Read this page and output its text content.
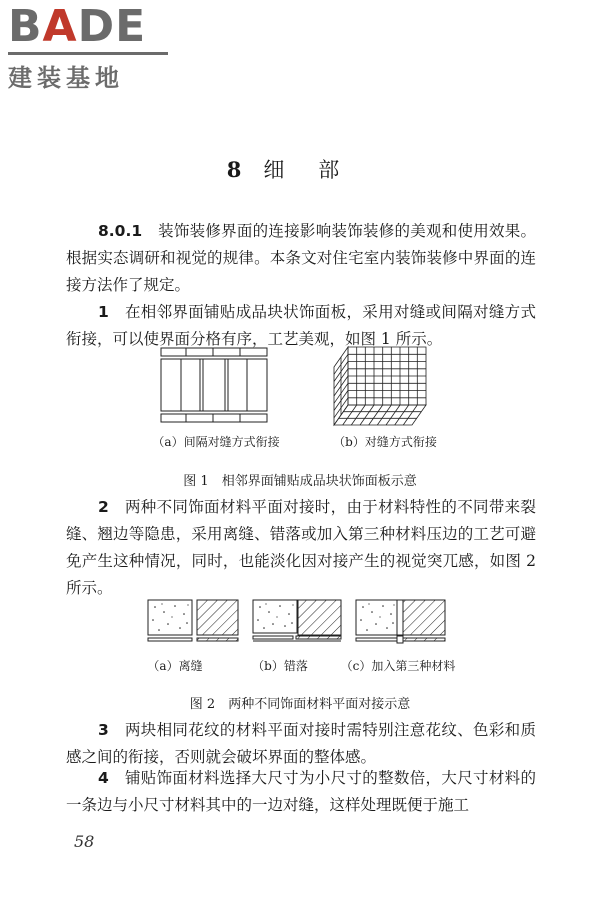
BADE
建装基地
8 细部

8.0.1　 装饰装修界面的连接影响装饰装修的美观和使用效果。根据实态调研和视觉的规律。本条文对住宅室内装饰装修中界面的连接方法作了规定。

1　 在相邻界面铺贴成品块状饰面板，采用对缝或间隔对缝方式衔接，可以使界面分格有序，工艺美观，如图 1 所示。

（a）间隔对缝方式衔接	（b）对缝方式衔接
图 1　相邻界面铺贴成品块状饰面板示意

2　 两种不同饰面材料平面对接时，由于材料特性的不同带来裂缝、翘边等隐患，采用离缝、错落或加入第三种材料压边的工艺可避免产生这种情况，同时，也能淡化因对接产生的视觉突兀感，如图 2 所示。

（a）离缝	（b）错落	（c）加入第三种材料
图 2　两种不同饰面材料平面对接示意

3　 两块相同花纹的材料平面对接时需特别注意花纹、色彩和质感之间的衔接，否则就会破坏界面的整体感。

4　 铺贴饰面材料选择大尺寸为小尺寸的整数倍，大尺寸材料的一条边与小尺寸材料其中的一边对缝，这样处理既便于施工

58
